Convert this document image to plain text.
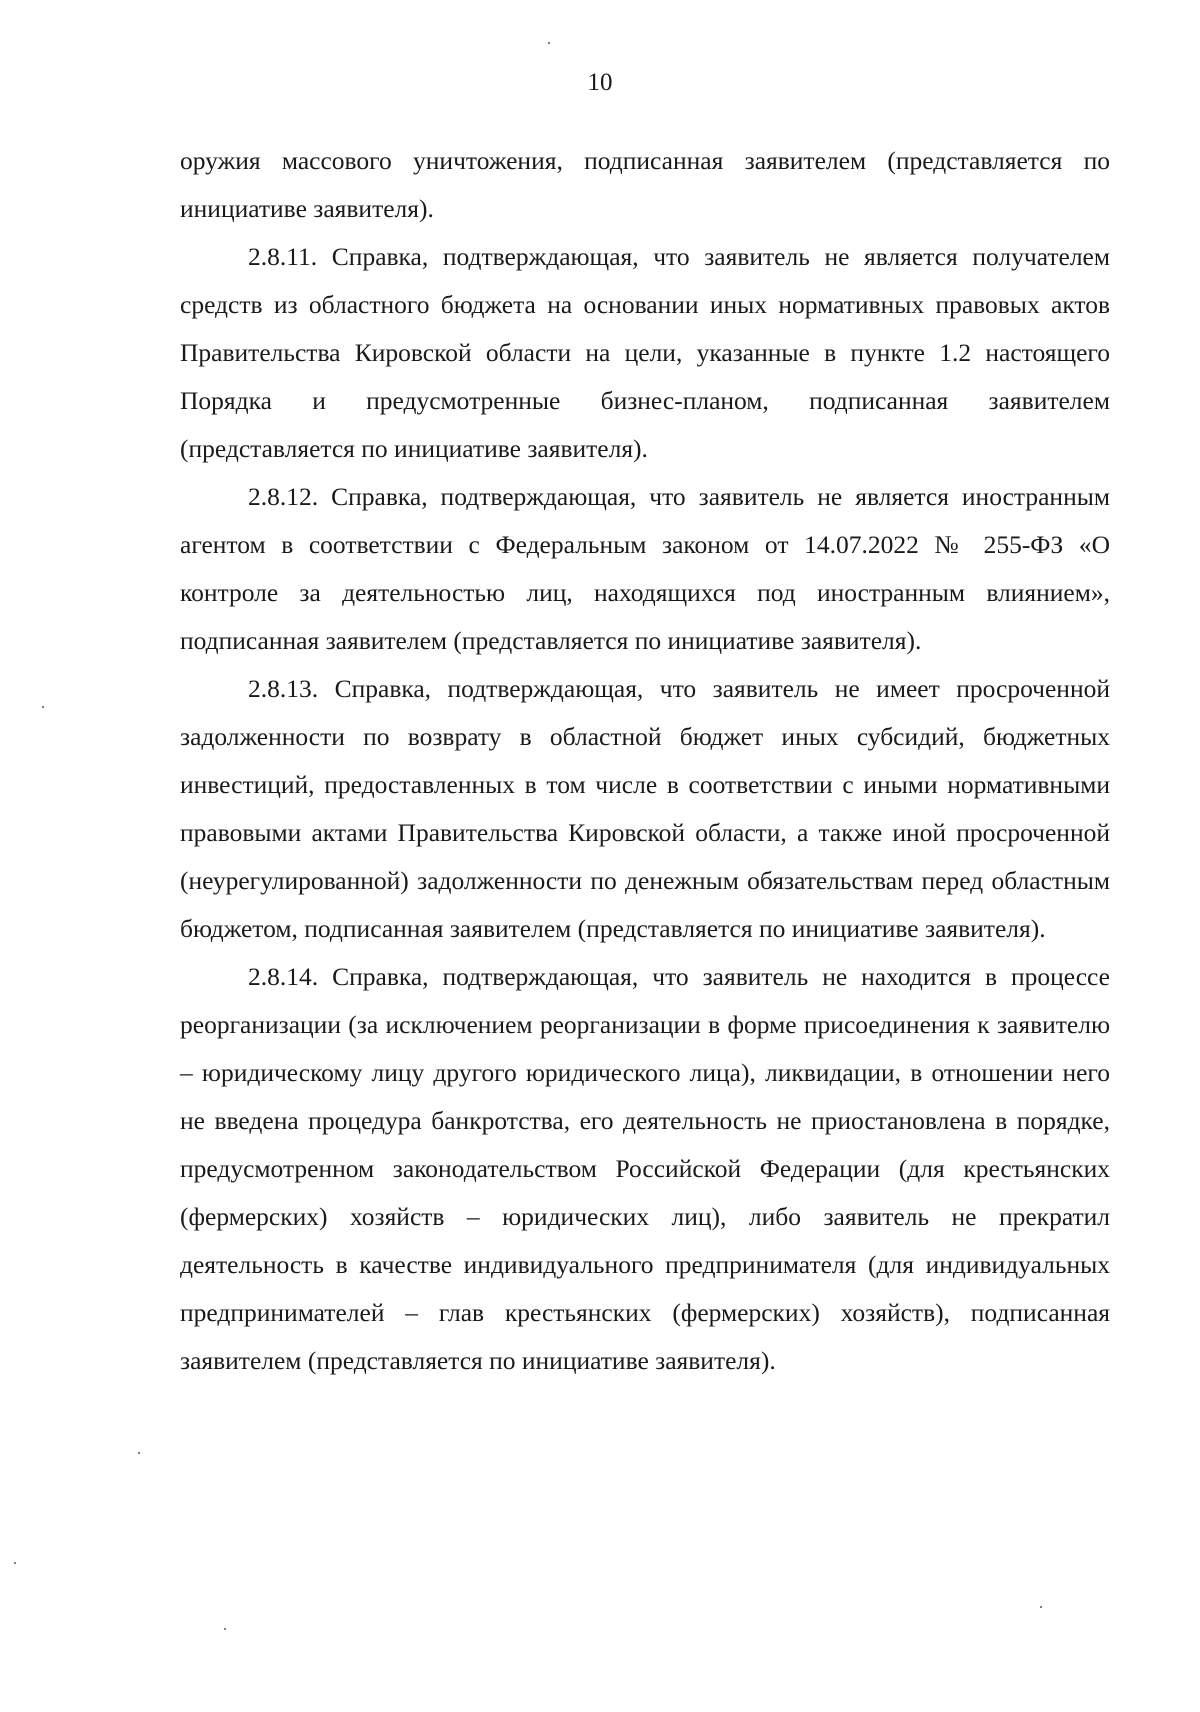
10

оружия массового уничтожения, подписанная заявителем (представляется по инициативе заявителя).

2.8.11. Справка, подтверждающая, что заявитель не является получателем средств из областного бюджета на основании иных нормативных правовых актов Правительства Кировской области на цели, указанные в пункте 1.2 настоящего Порядка и предусмотренные бизнес-планом, подписанная заявителем (представляется по инициативе заявителя).

2.8.12. Справка, подтверждающая, что заявитель не является иностранным агентом в соответствии с Федеральным законом от 14.07.2022 № 255-ФЗ «О контроле за деятельностью лиц, находящихся под иностранным влиянием», подписанная заявителем (представляется по инициативе заявителя).

2.8.13. Справка, подтверждающая, что заявитель не имеет просроченной задолженности по возврату в областной бюджет иных субсидий, бюджетных инвестиций, предоставленных в том числе в соответствии с иными нормативными правовыми актами Правительства Кировской области, а также иной просроченной (неурегулированной) задолженности по денежным обязательствам перед областным бюджетом, подписанная заявителем (представляется по инициативе заявителя).

2.8.14. Справка, подтверждающая, что заявитель не находится в процессе реорганизации (за исключением реорганизации в форме присоединения к заявителю – юридическому лицу другого юридического лица), ликвидации, в отношении него не введена процедура банкротства, его деятельность не приостановлена в порядке, предусмотренном законодательством Российской Федерации (для крестьянских (фермерских) хозяйств – юридических лиц), либо заявитель не прекратил деятельность в качестве индивидуального предпринимателя (для индивидуальных предпринимателей – глав крестьянских (фермерских) хозяйств), подписанная заявителем (представляется по инициативе заявителя).
